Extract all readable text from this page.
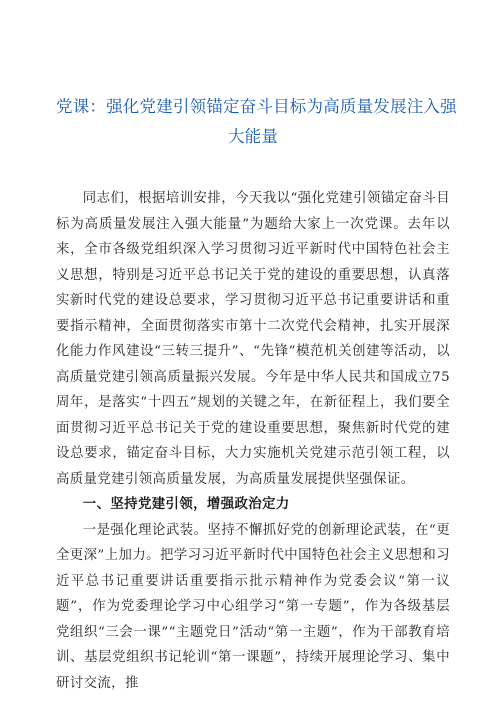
党课：强化党建引领锚定奋斗目标为高质量发展注入强
大能量

同志们，根据培训安排，今天我以“强化党建引领锚定奋斗目标为高质量发展注入强大能量”为题给大家上一次党课。去年以来，全市各级党组织深入学习贯彻习近平新时代中国特色社会主义思想，特别是习近平总书记关于党的建设的重要思想，认真落实新时代党的建设总要求，学习贯彻习近平总书记重要讲话和重要指示精神，全面贯彻落实市第十二次党代会精神，扎实开展深化能力作风建设“三转三提升”、“先锋”模范机关创建等活动，以高质量党建引领高质量振兴发展。今年是中华人民共和国成立75周年，是落实“十四五”规划的关键之年，在新征程上，我们要全面贯彻习近平总书记关于党的建设重要思想，聚焦新时代党的建设总要求，锚定奋斗目标，大力实施机关党建示范引领工程，以高质量党建引领高质量发展，为高质量发展提供坚强保证。

一、坚持党建引领，增强政治定力

一是强化理论武装。坚持不懈抓好党的创新理论武装，在“更全更深”上加力。把学习习近平新时代中国特色社会主义思想和习近平总书记重要讲话重要指示批示精神作为党委会议“第一议题”，作为党委理论学习中心组学习“第一专题”，作为各级基层党组织“三会一课”“主题党日”活动“第一主题”，作为干部教育培训、基层党组织书记轮训“第一课题”，持续开展理论学习、集中研讨交流，推
